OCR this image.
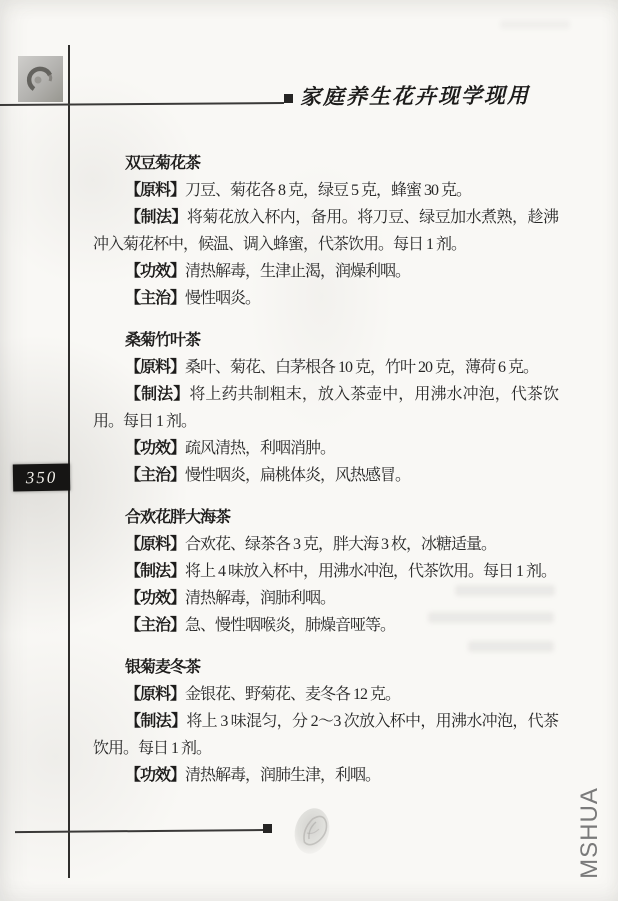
家庭养生花卉现学现用
350
双豆菊花茶

【原料】刀豆、菊花各 8 克，绿豆 5 克，蜂蜜 30 克。

【制法】将菊花放入杯内，备用。将刀豆、绿豆加水煮熟，趁沸冲入菊花杯中，候温、调入蜂蜜，代茶饮用。每日 1 剂。

【功效】清热解毒，生津止渴，润燥利咽。

【主治】慢性咽炎。

桑菊竹叶茶

【原料】桑叶、菊花、白茅根各 10 克，竹叶 20 克，薄荷 6 克。

【制法】将上药共制粗末，放入茶壶中，用沸水冲泡，代茶饮用。每日 1 剂。

【功效】疏风清热，利咽消肿。

【主治】慢性咽炎，扁桃体炎，风热感冒。

合欢花胖大海茶

【原料】合欢花、绿茶各 3 克，胖大海 3 枚，冰糖适量。

【制法】将上 4 味放入杯中，用沸水冲泡，代茶饮用。每日 1 剂。

【功效】清热解毒，润肺利咽。

【主治】急、慢性咽喉炎，肺燥音哑等。

银菊麦冬茶

【原料】金银花、野菊花、麦冬各 12 克。

【制法】将上 3 味混匀，分 2～3 次放入杯中，用沸水冲泡，代茶饮用。每日 1 剂。

【功效】清热解毒，润肺生津，利咽。

MSHUA
